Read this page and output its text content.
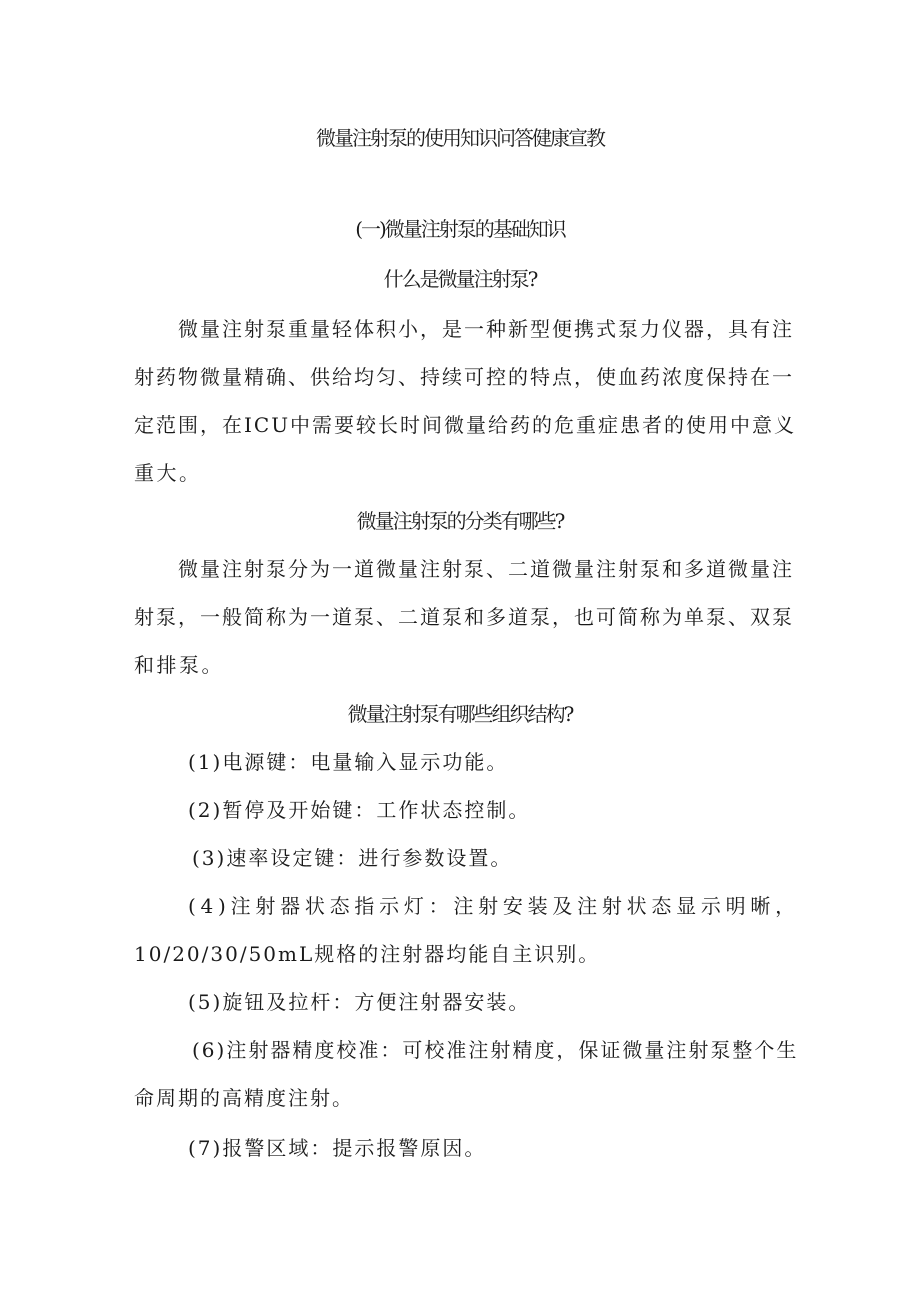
微量注射泵的使用知识问答健康宣教
(一)微量注射泵的基础知识
什么是微量注射泵?
微量注射泵重量轻体积小，是一种新型便携式泵力仪器，具有注
射药物微量精确、供给均匀、持续可控的特点，使血药浓度保持在一
定范围，在ICU中需要较长时间微量给药的危重症患者的使用中意义
重大。
微量注射泵的分类有哪些?
微量注射泵分为一道微量注射泵、二道微量注射泵和多道微量注
射泵，一般简称为一道泵、二道泵和多道泵，也可简称为单泵、双泵
和排泵。
微量注射泵有哪些组织结构?
(1)电源键：电量输入显示功能。
(2)暂停及开始键：工作状态控制。
(3)速率设定键：进行参数设置。
(4)注射器状态指示灯：注射安装及注射状态显示明晰，
10/20/30/50mL规格的注射器均能自主识别。
(5)旋钮及拉杆：方便注射器安装。
(6)注射器精度校准：可校准注射精度，保证微量注射泵整个生
命周期的高精度注射。
(7)报警区域：提示报警原因。
